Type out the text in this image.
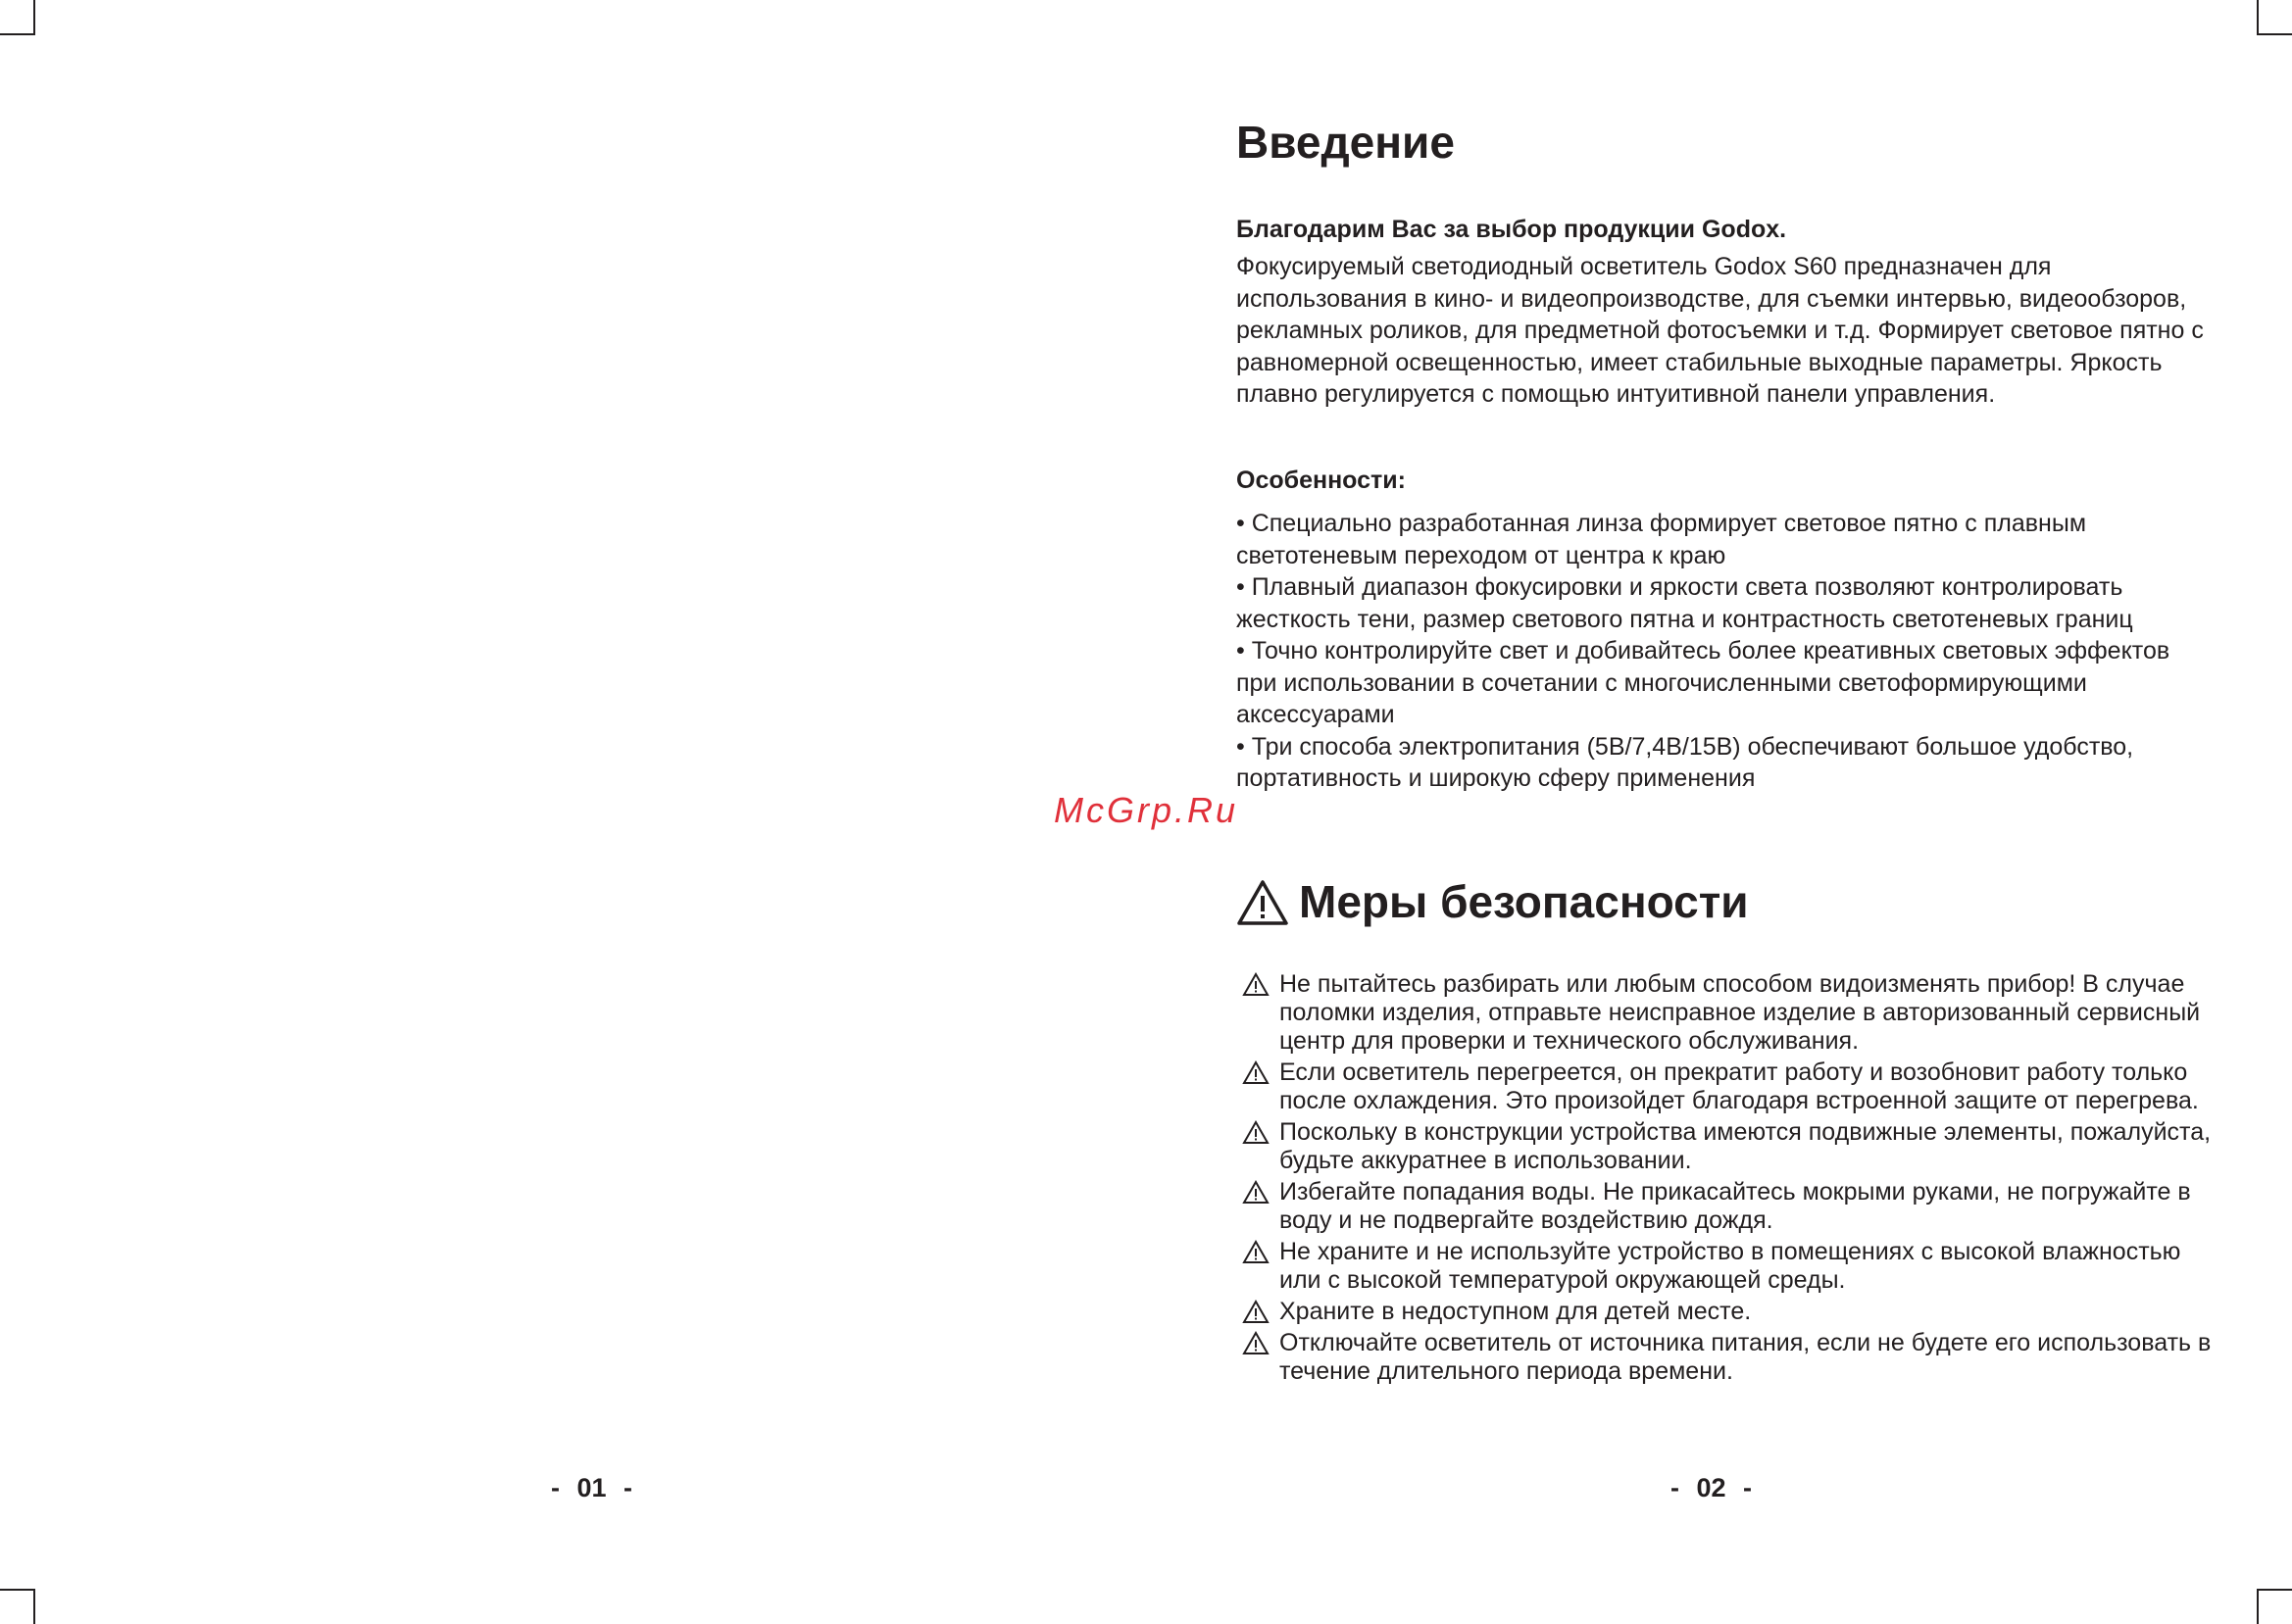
Введение
Благодарим Вас за выбор продукции Godox.
Фокусируемый светодиодный осветитель Godox S60 предназначен для использования в кино- и видеопроизводстве, для съемки интервью, видеообзоров, рекламных роликов, для предметной фотосъемки и т.д. Формирует световое пятно с равномерной освещенностью, имеет стабильные выходные параметры. Яркость плавно регулируется с помощью интуитивной панели управления.
Особенности:
• Специально разработанная линза формирует световое пятно с плавным светотеневым переходом от центра к краю
• Плавный диапазон фокусировки и яркости света позволяют контролировать жесткость тени, размер светового пятна и контрастность светотеневых границ
• Точно контролируйте свет и добивайтесь более креативных световых эффектов при использовании в сочетании с многочисленными светоформирующими аксессуарами
• Три способа электропитания (5В/7,4В/15В) обеспечивают большое удобство, портативность и широкую сферу применения
McGrp.Ru
Меры безопасности
Не пытайтесь разбирать или любым способом видоизменять прибор! В случае поломки изделия, отправьте неисправное изделие в авторизованный сервисный центр для проверки и технического обслуживания.
Если осветитель перегреется, он прекратит работу и возобновит работу только после охлаждения. Это произойдет благодаря встроенной защите от перегрева.
Поскольку в конструкции устройства имеются подвижные элементы, пожалуйста, будьте аккуратнее в использовании.
Избегайте попадания воды. Не прикасайтесь мокрыми руками, не погружайте в воду и не подвергайте воздействию дождя.
Не храните и не используйте устройство в помещениях с высокой влажностью или с высокой температурой окружающей среды.
Храните в недоступном для детей месте.
Отключайте осветитель от источника питания, если не будете его использовать в течение длительного периода времени.
- 01 -	- 02 -
